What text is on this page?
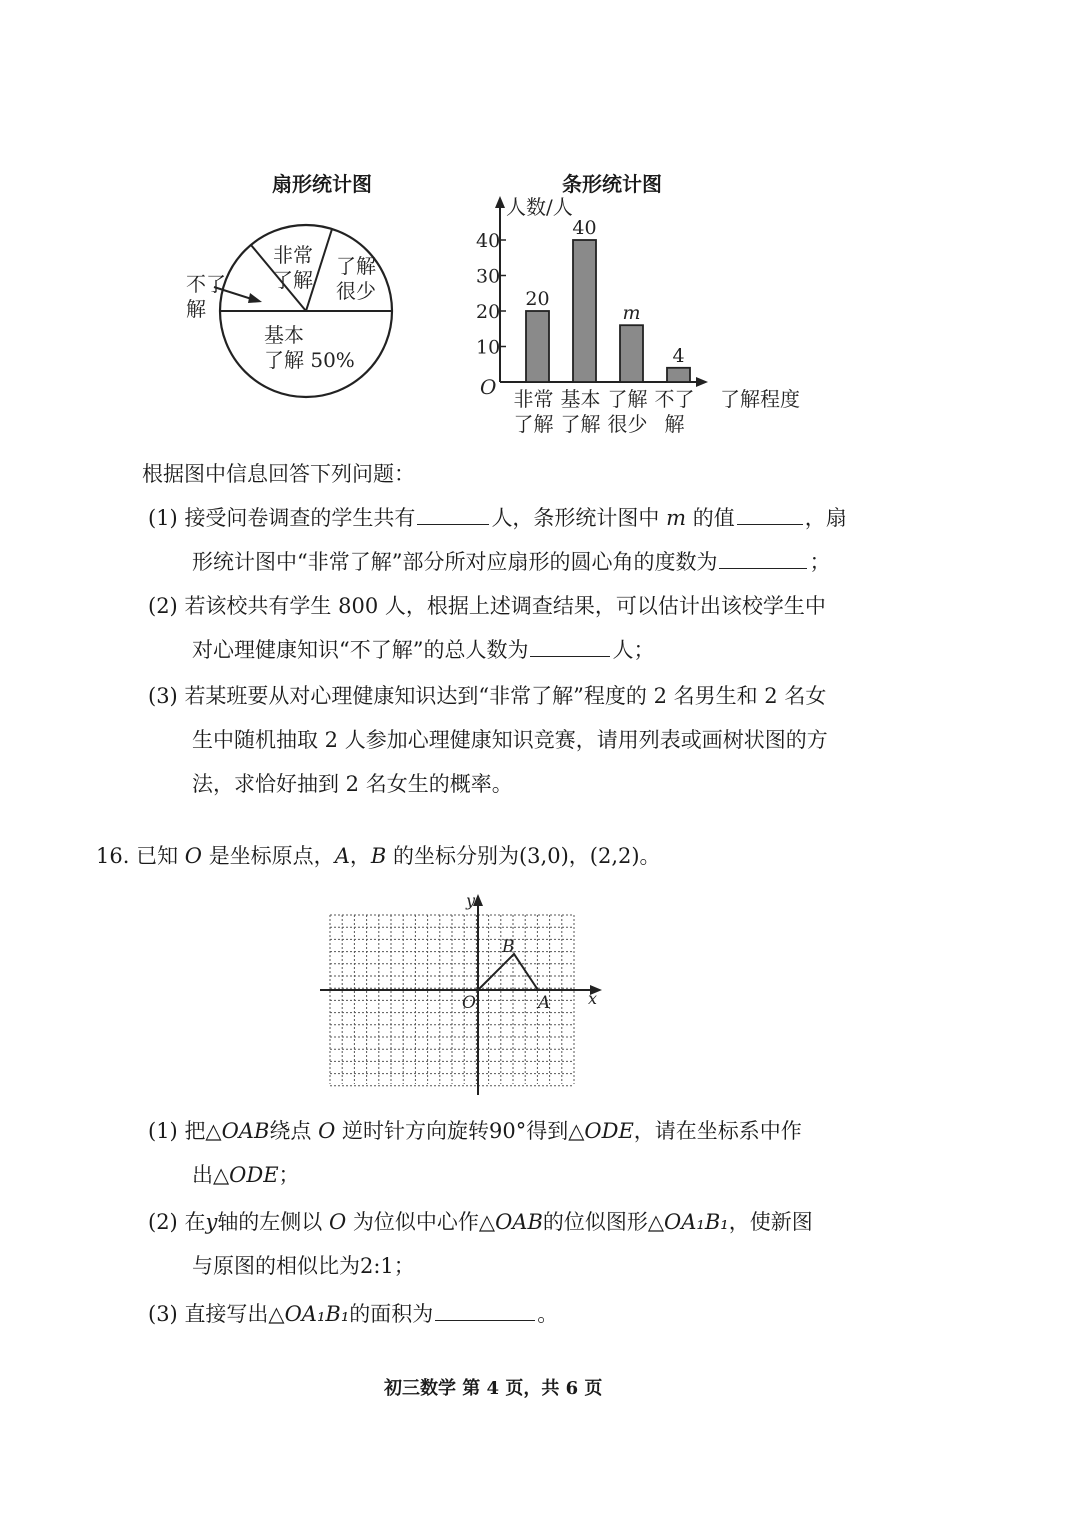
扇形统计图
非常
了解
了解
很少
不了
解
基本
了解 50%
条形统计图
人数/人
了解程度
O
10
20
30
40
20
非常
了解
40
基本
了解
m
了解
很少
4
不了
解
根据图中信息回答下列问题：
(1) 接受问卷调查的学生共有	人，条形统计图中 m 的值	，扇
形统计图中“非常了解”部分所对应扇形的圆心角的度数为	；
(2) 若该校共有学生 800 人，根据上述调查结果，可以估计出该校学生中
对心理健康知识“不了解”的总人数为	人；
(3) 若某班要从对心理健康知识达到“非常了解”程度的 2 名男生和 2 名女
生中随机抽取 2 人参加心理健康知识竞赛，请用列表或画树状图的方
法，求恰好抽到 2 名女生的概率。
16. 已知 O 是坐标原点，A，B 的坐标分别为(3,0)，(2,2)。
y
x
O	A
B
(1) 把△OAB绕点 O 逆时针方向旋转90°得到△ODE，请在坐标系中作
出△ODE；
(2) 在y轴的左侧以 O 为位似中心作△OAB的位似图形△OA₁B₁，使新图
与原图的相似比为2:1；
(3) 直接写出△OA₁B₁的面积为	。
初三数学 第 4 页，共 6 页
